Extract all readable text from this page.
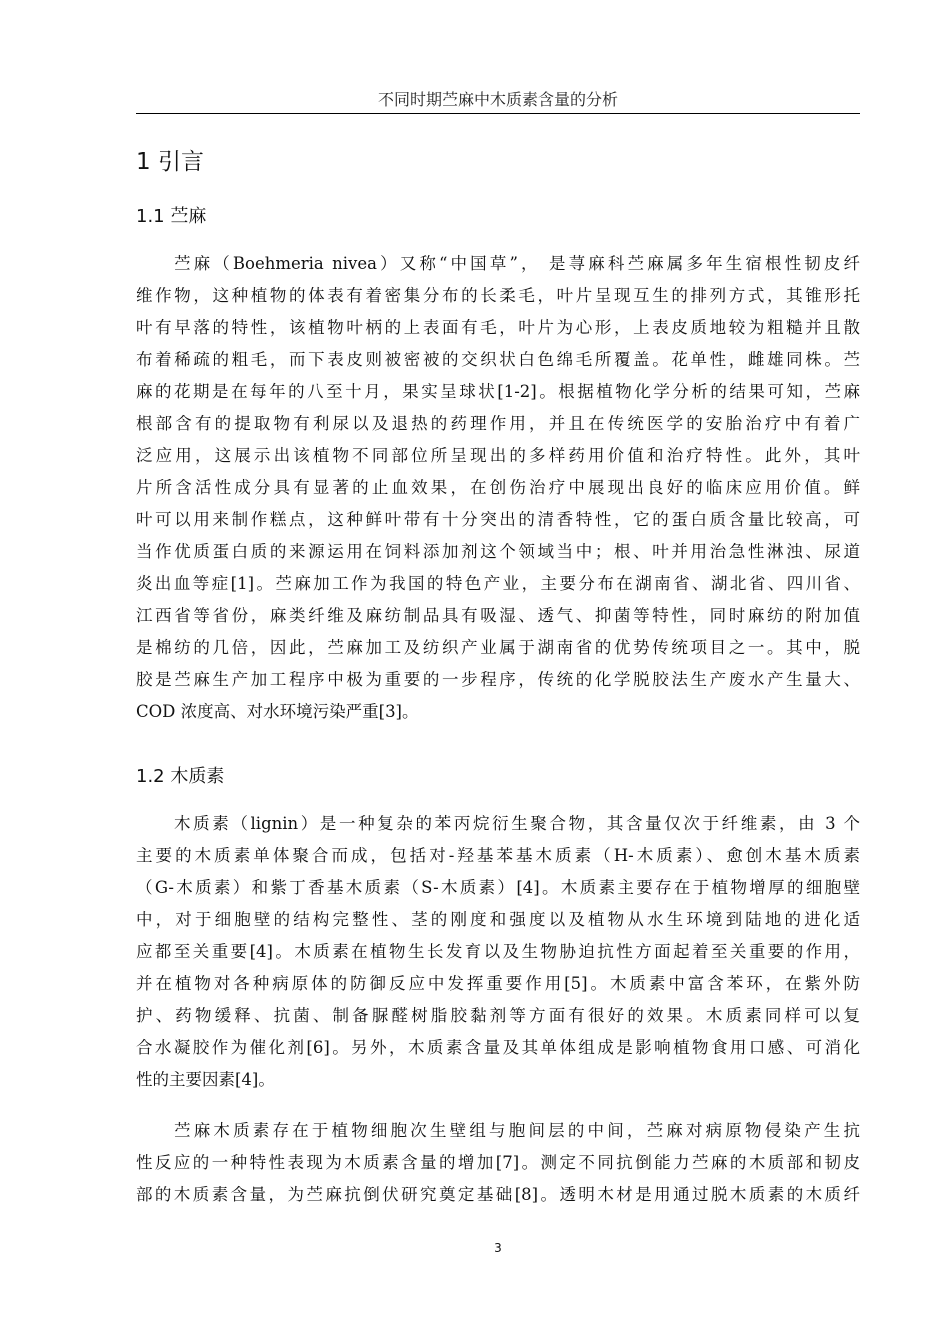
不同时期苎麻中木质素含量的分析
1 引言
1.1 苎麻
苎麻（Boehmeria nivea）又称“中国草”， 是荨麻科苎麻属多年生宿根性韧皮纤
维作物，这种植物的体表有着密集分布的长柔毛，叶片呈现互生的排列方式，其锥形托
叶有早落的特性，该植物叶柄的上表面有毛，叶片为心形，上表皮质地较为粗糙并且散
布着稀疏的粗毛，而下表皮则被密被的交织状白色绵毛所覆盖。花单性，雌雄同株。苎
麻的花期是在每年的八至十月，果实呈球状[1-2]。根据植物化学分析的结果可知，苎麻
根部含有的提取物有利尿以及退热的药理作用，并且在传统医学的安胎治疗中有着广
泛应用，这展示出该植物不同部位所呈现出的多样药用价值和治疗特性。此外，其叶
片所含活性成分具有显著的止血效果，在创伤治疗中展现出良好的临床应用价值。鲜
叶可以用来制作糕点，这种鲜叶带有十分突出的清香特性，它的蛋白质含量比较高，可
当作优质蛋白质的来源运用在饲料添加剂这个领域当中；根、叶并用治急性淋浊、尿道
炎出血等症[1]。苎麻加工作为我国的特色产业，主要分布在湖南省、湖北省、四川省、
江西省等省份，麻类纤维及麻纺制品具有吸湿、透气、抑菌等特性，同时麻纺的附加值
是棉纺的几倍，因此，苎麻加工及纺织产业属于湖南省的优势传统项目之一。其中，脱
胶是苎麻生产加工程序中极为重要的一步程序，传统的化学脱胶法生产废水产生量大、
COD 浓度高、对水环境污染严重[3]。
1.2 木质素
木质素（lignin）是一种复杂的苯丙烷衍生聚合物，其含量仅次于纤维素，由 3 个
主要的木质素单体聚合而成，包括对-羟基苯基木质素（H-木质素）、愈创木基木质素
（G-木质素）和紫丁香基木质素（S-木质素）[4]。木质素主要存在于植物增厚的细胞壁
中，对于细胞壁的结构完整性、茎的刚度和强度以及植物从水生环境到陆地的进化适
应都至关重要[4]。木质素在植物生长发育以及生物胁迫抗性方面起着至关重要的作用，
并在植物对各种病原体的防御反应中发挥重要作用[5]。木质素中富含苯环，在紫外防
护、药物缓释、抗菌、制备脲醛树脂胶黏剂等方面有很好的效果。木质素同样可以复
合水凝胶作为催化剂[6]。另外，木质素含量及其单体组成是影响植物食用口感、可消化
性的主要因素[4]。
苎麻木质素存在于植物细胞次生壁组与胞间层的中间，苎麻对病原物侵染产生抗
性反应的一种特性表现为木质素含量的增加[7]。测定不同抗倒能力苎麻的木质部和韧皮
部的木质素含量，为苎麻抗倒伏研究奠定基础[8]。透明木材是用通过脱木质素的木质纤
3
